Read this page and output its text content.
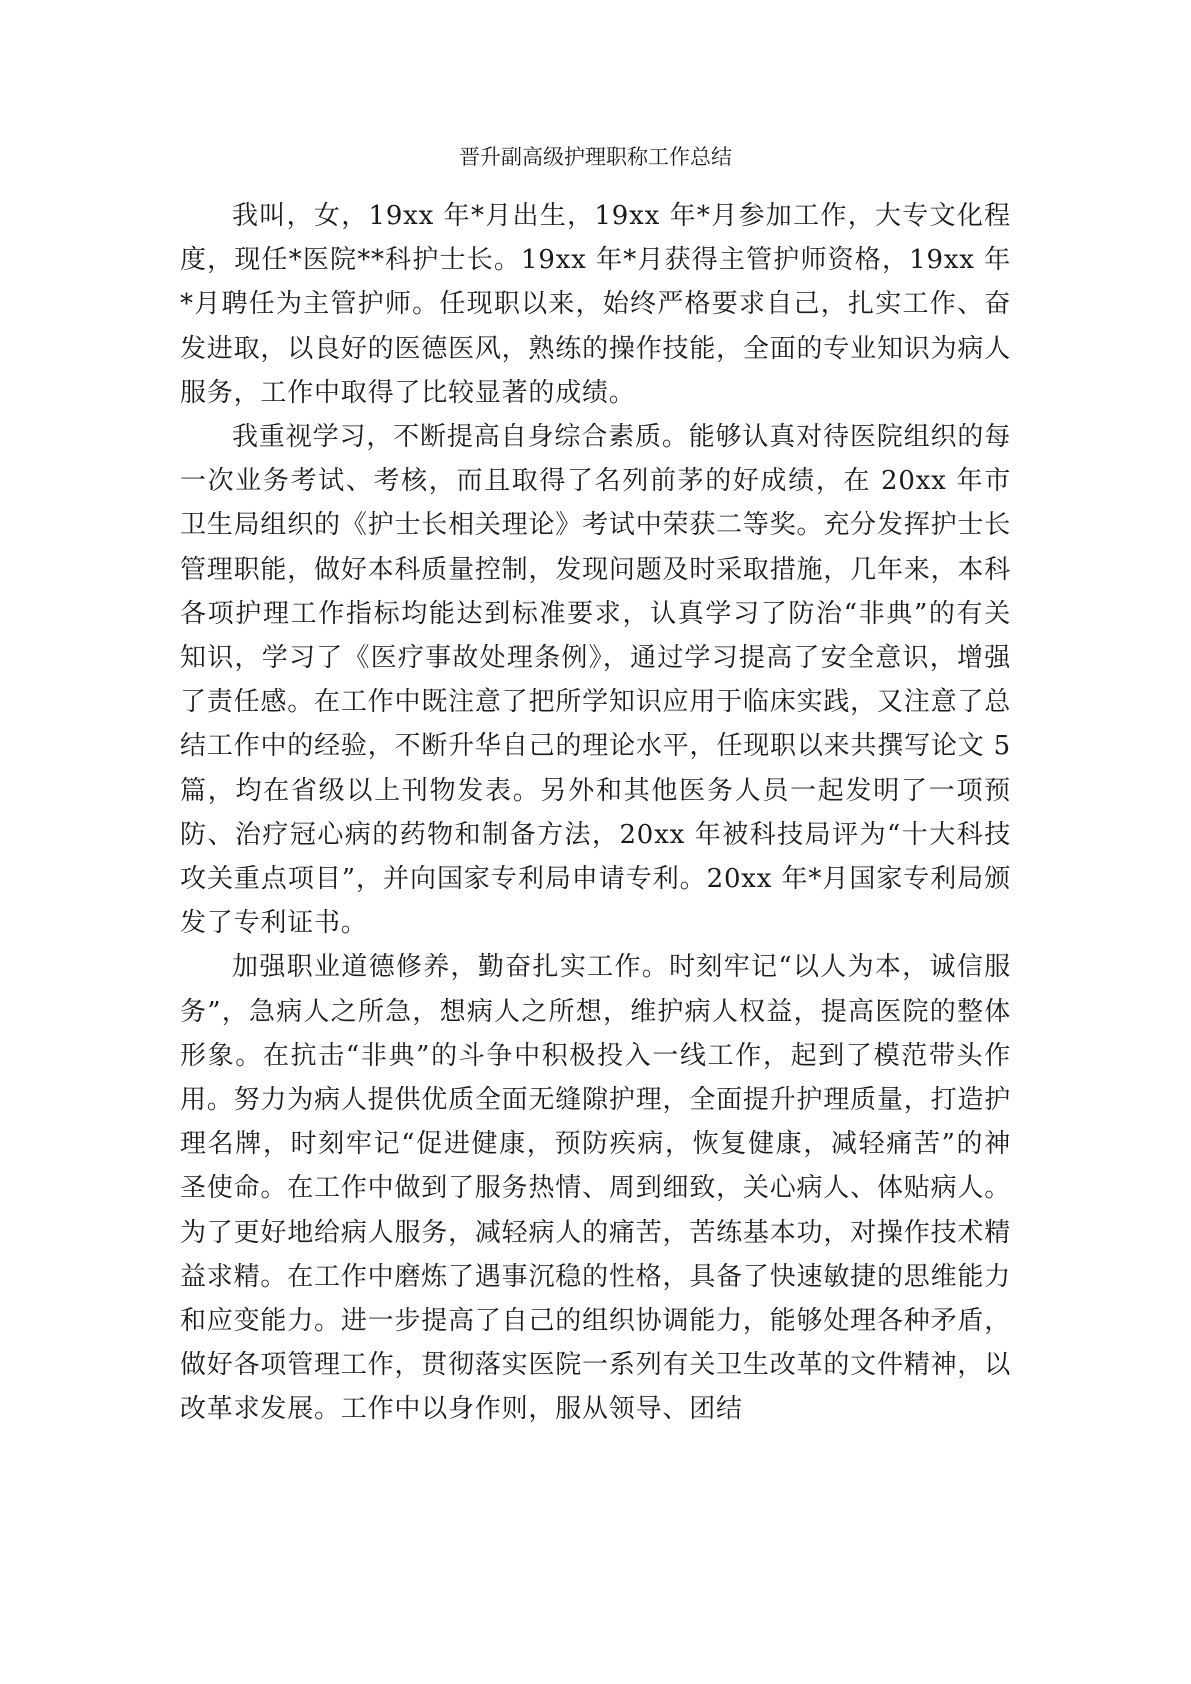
晋升副高级护理职称工作总结

我叫，女，19xx 年*月出生，19xx 年*月参加工作，大专文化程度，现任*医院**科护士长。19xx 年*月获得主管护师资格，19xx 年*月聘任为主管护师。任现职以来，始终严格要求自己，扎实工作、奋发进取，以良好的医德医风，熟练的操作技能，全面的专业知识为病人服务，工作中取得了比较显著的成绩。

我重视学习，不断提高自身综合素质。能够认真对待医院组织的每一次业务考试、考核，而且取得了名列前茅的好成绩，在 20xx 年市卫生局组织的《护士长相关理论》考试中荣获二等奖。充分发挥护士长管理职能，做好本科质量控制，发现问题及时采取措施，几年来，本科各项护理工作指标均能达到标准要求，认真学习了防治“非典”的有关知识，学习了《医疗事故处理条例》，通过学习提高了安全意识，增强了责任感。在工作中既注意了把所学知识应用于临床实践，又注意了总结工作中的经验，不断升华自己的理论水平，任现职以来共撰写论文 5 篇，均在省级以上刊物发表。另外和其他医务人员一起发明了一项预防、治疗冠心病的药物和制备方法，20xx 年被科技局评为“十大科技攻关重点项目”，并向国家专利局申请专利。20xx 年*月国家专利局颁发了专利证书。

加强职业道德修养，勤奋扎实工作。时刻牢记“以人为本，诚信服务”，急病人之所急，想病人之所想，维护病人权益，提高医院的整体形象。在抗击“非典”的斗争中积极投入一线工作，起到了模范带头作用。努力为病人提供优质全面无缝隙护理，全面提升护理质量，打造护理名牌，时刻牢记“促进健康，预防疾病，恢复健康，减轻痛苦”的神圣使命。在工作中做到了服务热情、周到细致，关心病人、体贴病人。为了更好地给病人服务，减轻病人的痛苦，苦练基本功，对操作技术精益求精。在工作中磨炼了遇事沉稳的性格，具备了快速敏捷的思维能力和应变能力。进一步提高了自己的组织协调能力，能够处理各种矛盾，做好各项管理工作，贯彻落实医院一系列有关卫生改革的文件精神，以改革求发展。工作中以身作则，服从领导、团结
